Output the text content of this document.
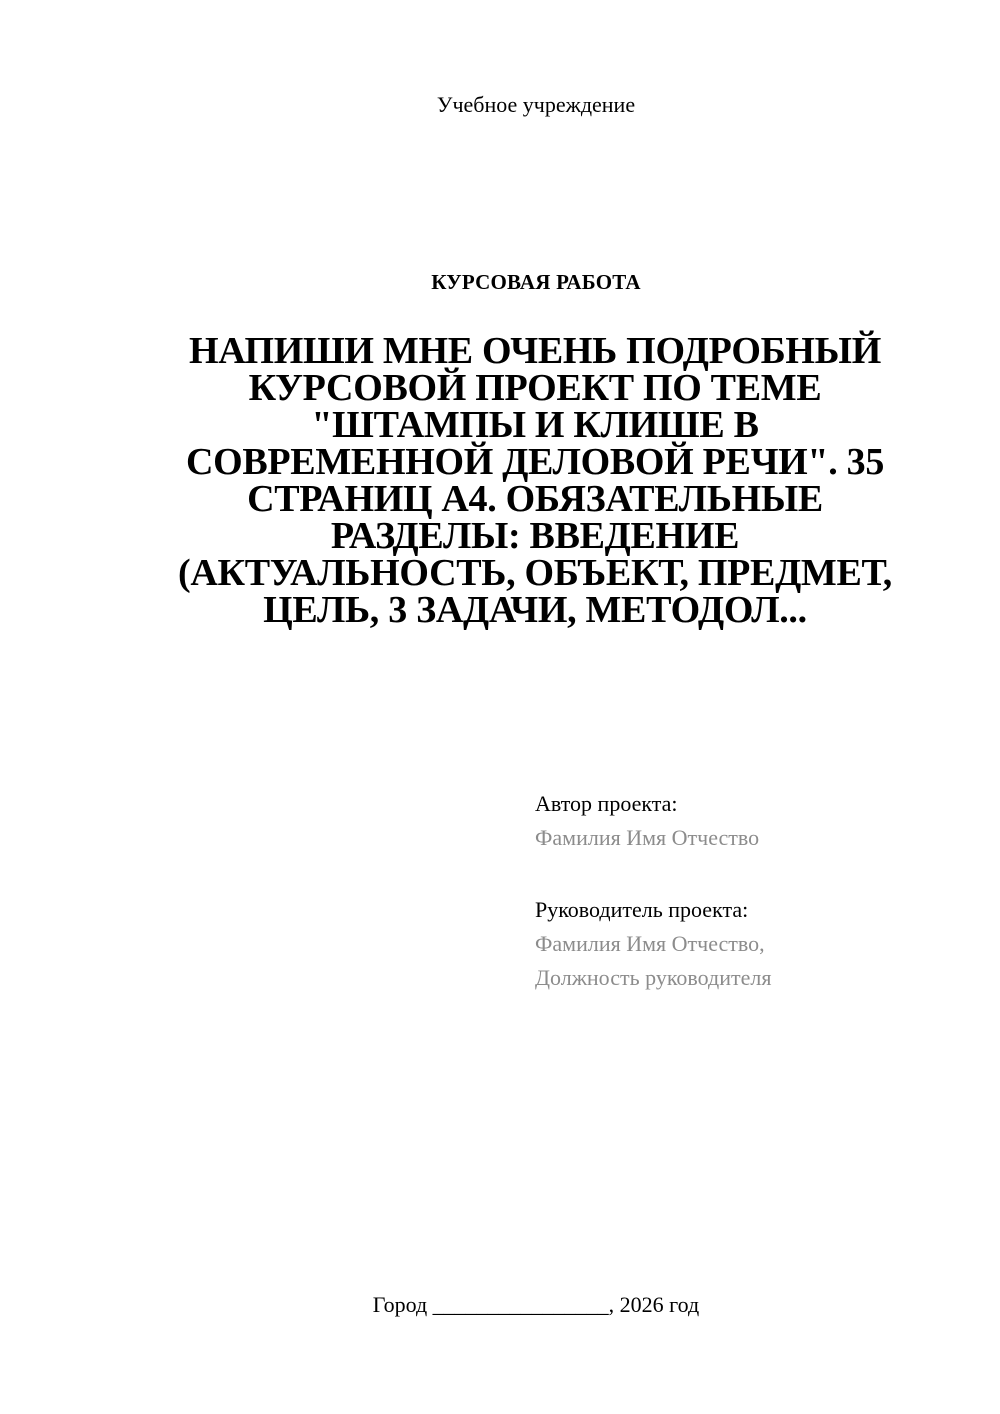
Учебное учреждение
КУРСОВАЯ РАБОТА
НАПИШИ МНЕ ОЧЕНЬ ПОДРОБНЫЙ КУРСОВОЙ ПРОЕКТ ПО ТЕМЕ "ШТАМПЫ И КЛИШЕ В СОВРЕМЕННОЙ ДЕЛОВОЙ РЕЧИ". 35 СТРАНИЦ А4. ОБЯЗАТЕЛЬНЫЕ РАЗДЕЛЫ: ВВЕДЕНИЕ (АКТУАЛЬНОСТЬ, ОБЪЕКТ, ПРЕДМЕТ, ЦЕЛЬ, 3 ЗАДАЧИ, МЕТОДОЛ...
Автор проекта:
Фамилия Имя Отчество
Руководитель проекта:
Фамилия Имя Отчество,
Должность руководителя
Город ________________, 2026 год
